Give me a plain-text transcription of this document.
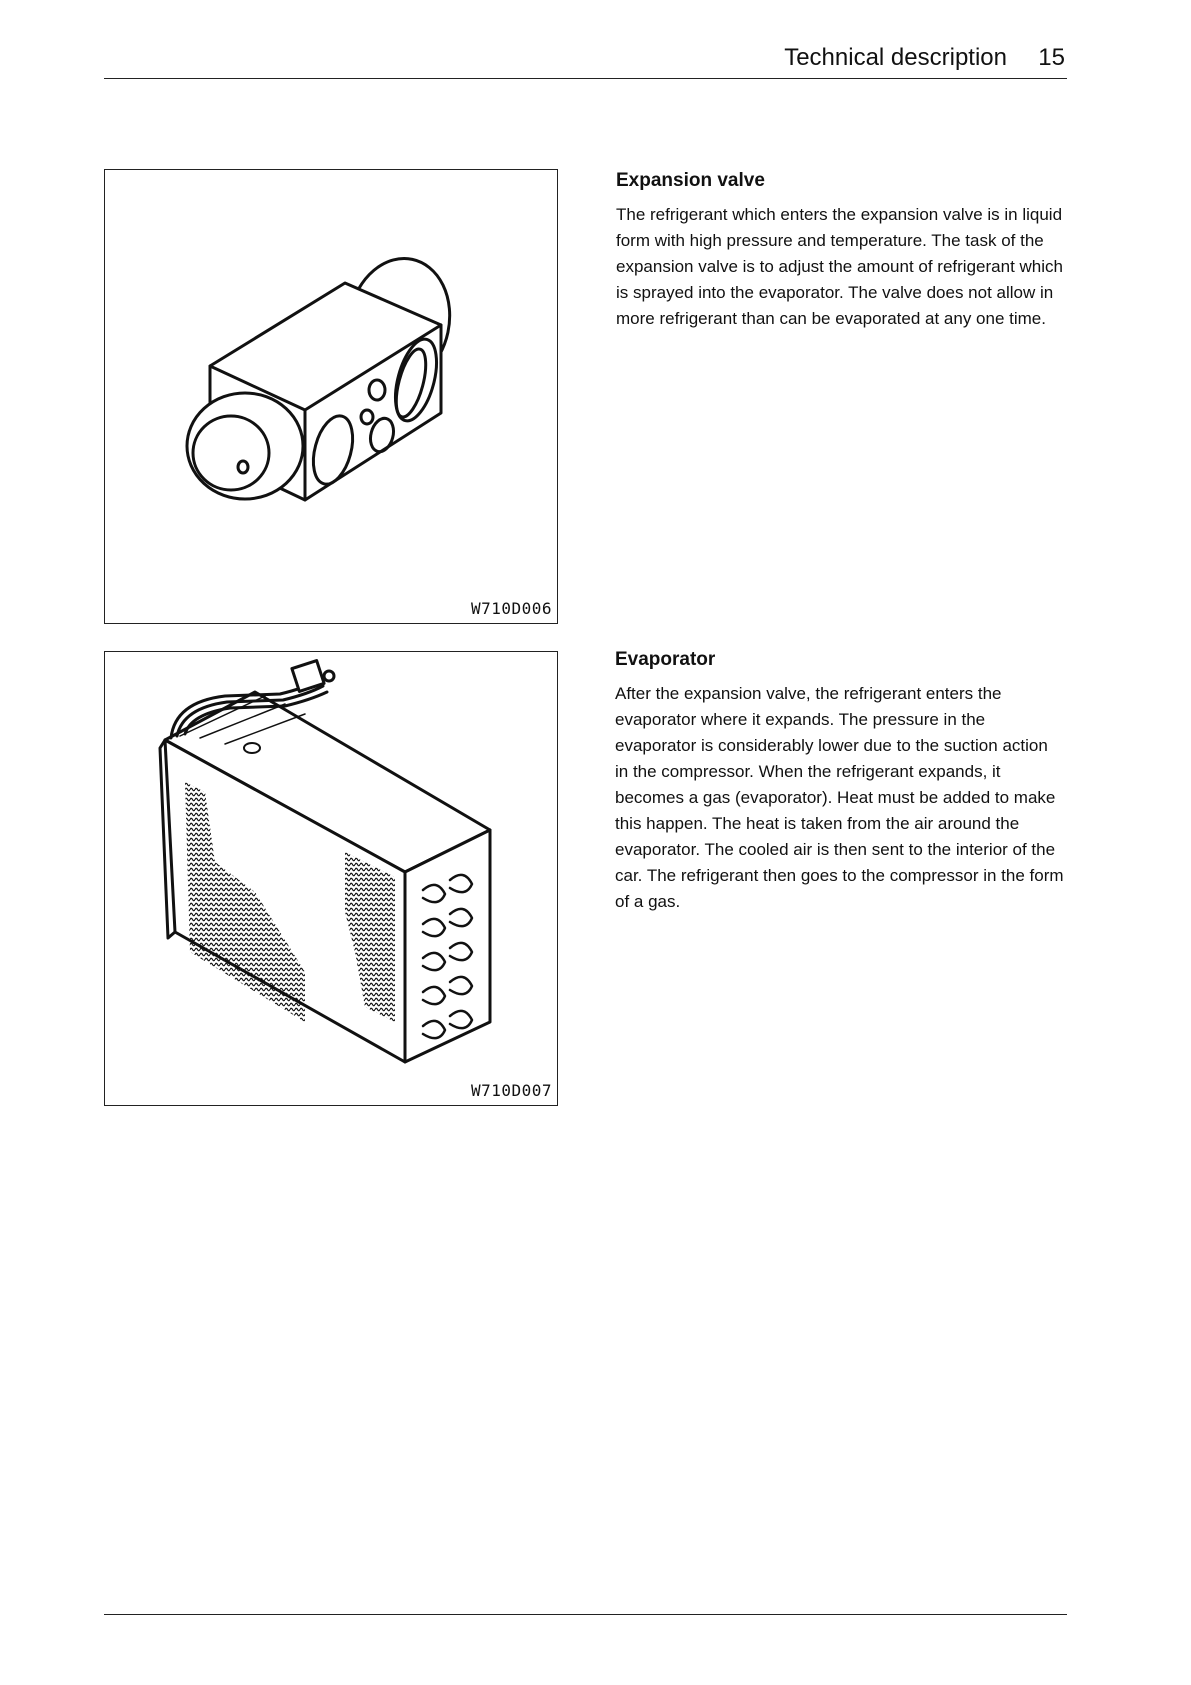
Technical description 15
W710D006
W710D007
Expansion valve

The refrigerant which enters the expansion valve is in liquid form with high pressure and temperature. The task of the expansion valve is to adjust the amount of refrigerant which is sprayed into the evaporator. The valve does not allow in more refrigerant than can be evaporated at any one time.

Evaporator

After the expansion valve, the refrigerant enters the evaporator where it expands. The pressure in the evaporator is considerably lower due to the suction action in the compressor. When the refrigerant expands, it becomes a gas (evaporator). Heat must be added to make this happen. The heat is taken from the air around the evaporator. The cooled air is then sent to the interior of the car. The refrigerant then goes to the compressor in the form of a gas.
